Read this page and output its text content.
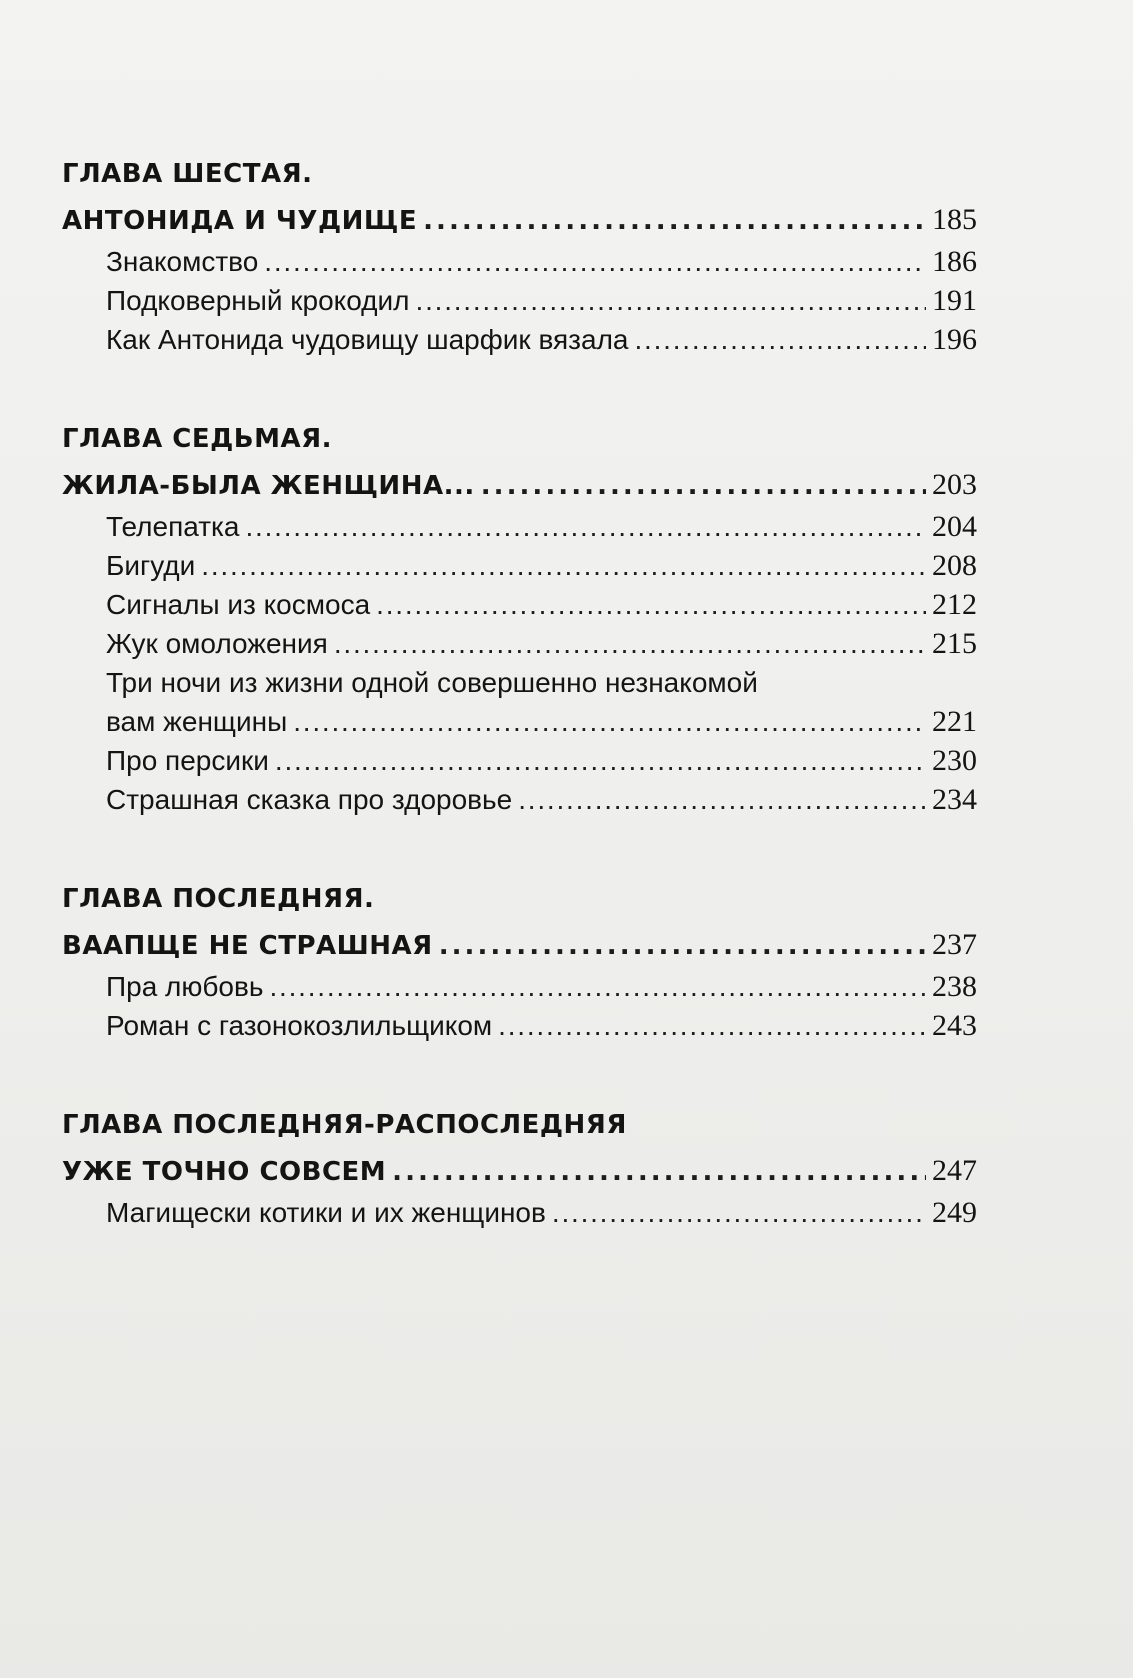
ГЛАВА ШЕСТАЯ.
АНТОНИДА И ЧУДИЩЕ . . .	185
Знакомство . . .	186
Подковерный крокодил . . .	191
Как Антонида чудовищу шарфик вязала . . .	196
ГЛАВА СЕДЬМАЯ.
ЖИЛА-БЫЛА ЖЕНЩИНА... . . .	203
Телепатка . . .	204
Бигуди . . .	208
Сигналы из космоса . . .	212
Жук омоложения . . .	215
Три ночи из жизни одной совершенно незнакомой
вам женщины . . .	221
Про персики . . .	230
Страшная сказка про здоровье . . .	234
ГЛАВА ПОСЛЕДНЯЯ.
ВААПЩЕ НЕ СТРАШНАЯ . . .	237
Пра любовь . . .	238
Роман с газонокозлильщиком . . .	243
ГЛАВА ПОСЛЕДНЯЯ-РАСПОСЛЕДНЯЯ
УЖЕ ТОЧНО СОВСЕМ . . .	247
Магищески котики и их женщинов . . .	249
